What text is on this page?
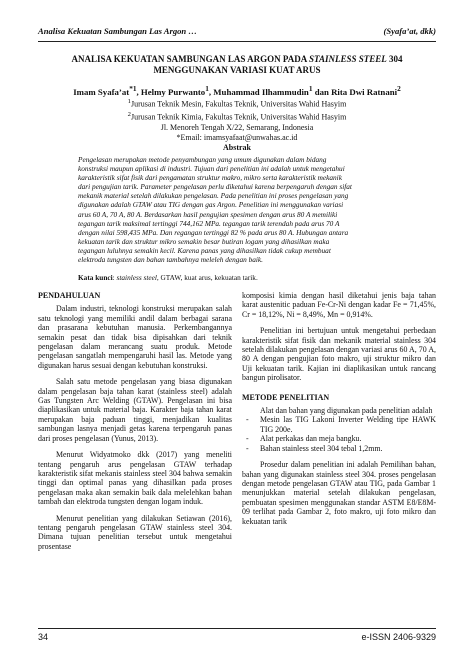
Analisa Kekuatan Sambungan Las Argon …	(Syafa’at, dkk)
ANALISA KEKUATAN SAMBUNGAN LAS ARGON PADA STAINLESS STEEL 304
MENGGUNAKAN VARIASI KUAT ARUS
Imam $Syafa’at^{*1}$, Helmy Purwanto$^1$, Muhammad Ilhammudin$^1$ dan Rita Dwi Ratnani$^2$
$^1$Jurusan Teknik Mesin, Fakultas Teknik, Universitas Wahid Hasyim
$^2$Jurusan Teknik Kimia, Fakultas Teknik, Universitas Wahid Hasyim
Jl. Menoreh Tengah X/22, Semarang, Indonesia
*Email: imamsyafaat@unwahas.ac.id
Abstrak
Pengelasan merupakan metode penyambungan yang umum digunakan dalam bidang
konstruksi maupun aplikasi di industri. Tujuan dari penelitian ini adalah untuk mengetahui
karakteristik sifat fisik dari pengamatan struktur makro, mikro serta karakteristik mekanik
dari pengujian tarik. Parameter pengelasan perlu diketahui karena berpengaruh dengan sifat
mekanik material setelah dilakukan pengelasan. Pada penelitian ini proses pengelasan yang
digunakan adalah GTAW atau TIG dengan gas Argon. Penelitian ini menggunakan variasi
arus 60 A, 70 A, 80 A. Berdasarkan hasil pengujian spesimen dengan arus 80 A memiliki
tegangan tarik maksimal tertinggi 744,162 MPa. tegangan tarik terendah pada arus 70 A
dengan nilai 598,435 MPa. Dan regangan tertinggi 82 % pada arus 80 A. Hubungan antara
kekuatan tarik dan struktur mikro semakin besar butiran logam yang dihasilkan maka
tegangan luluhnya semakin kecil. Karena panas yang dihasilkan tidak cukup membuat
elektroda tungsten dan bahan tambahnya meleleh dengan baik.
Kata kunci: stainless steel, GTAW, kuat arus, kekuatan tarik.
PENDAHULUAN

Dalam industri, teknologi konstruksi merupakan salah satu teknologi yang memiliki andil dalam berbagai sarana dan prasarana kebutuhan manusia. Perkembangannya semakin pesat dan tidak bisa dipisahkan dari teknik pengelasan dalam merancang suatu produk. Metode pengelasan sangatlah mempengaruhi hasil las. Metode yang digunakan harus sesuai dengan kebutuhan konstruksi.

Salah satu metode pengelasan yang biasa digunakan dalam pengelasan baja tahan karat (stainless steel) adalah Gas Tungsten Arc Welding (GTAW). Pengelasan ini bisa diaplikasikan untuk material baja. Karakter baja tahan karat merupakan baja paduan tinggi, menjadikan kualitas sambungan lasnya menjadi getas karena terpengaruh panas dari proses pengelasan (Yunus, 2013).

Menurut Widyatmoko dkk (2017) yang meneliti tentang pengaruh arus pengelasan GTAW terhadap karakteristik sifat mekanis stainless steel 304 bahwa semakin tinggi dan optimal panas yang dihasilkan pada proses pengelasan maka akan semakin baik dala melelehkan bahan tambah dan elektroda tungsten dengan logam induk.

Menurut penelitian yang dilakukan Setiawan (2016), tentang pengaruh pengelasan GTAW stainless steel 304. Dimana tujuan penelitian tersebut untuk mengetahui prosentase

komposisi kimia dengan hasil diketahui jenis baja tahan karat austenitic paduan Fe-Cr-Ni dengan kadar Fe = 71,45%, Cr = 18,12%, Ni = 8,49%, Mn = 0,914%.

Penelitian ini bertujuan untuk mengetahui perbedaan karakteristik sifat fisik dan mekanik material stainless 304 setelah dilakukan pengelasan dengan variasi arus 60 A, 70 A, 80 A dengan pengujian foto makro, uji struktur mikro dan Uji kekuatan tarik. Kajian ini diaplikasikan untuk rancang bangun pirolisator.

METODE PENELITIAN

Alat dan bahan yang digunakan pada penelitian adalah

- Mesin las TIG Lakoni Inverter Welding tipe HAWK TIG 200e.
- Alat perkakas dan meja bangku.
- Bahan stainless steel 304 tebal 1,2mm.

Prosedur dalam penelitian ini adalah Pemilihan bahan, bahan yang digunakan stainless steel 304. proses pengelasan dengan metode pengelasan GTAW atau TIG, pada Gambar 1 menunjukkan material setelah dilakukan pengelasan, pembuatan spesimen menggunakan standar ASTM E8/E8M-09 terlihat pada Gambar 2, foto makro, uji foto mikro dan kekuatan tarik

34	e-ISSN 2406-9329
